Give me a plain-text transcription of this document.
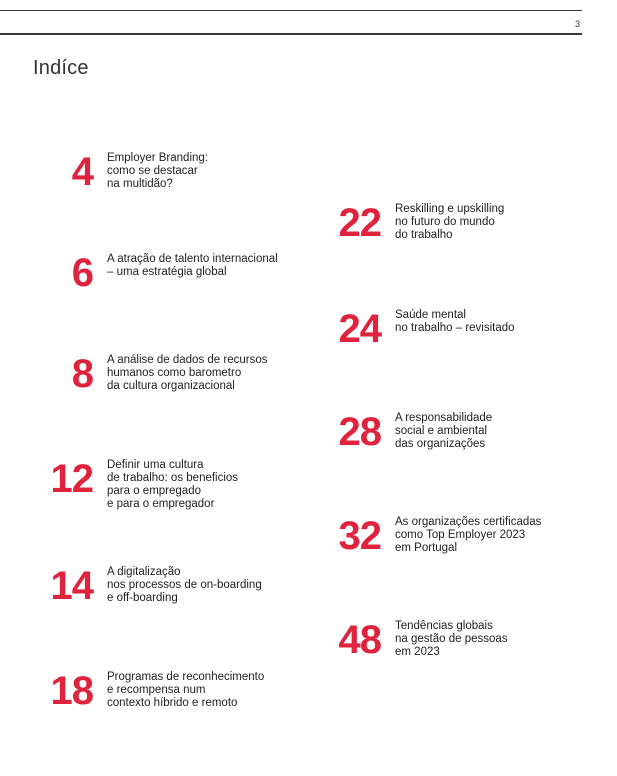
3
Indíce
4 Employer Branding:
como se destacar
na multidão?
6 A atração de talento internacional
– uma estratégia global
8 A análise de dados de recursos
humanos como barometro
da cultura organizacional
12 Definir uma cultura
de trabalho: os beneficios
para o empregado
e para o empregador
14 A digitalização
nos processos de on-boarding
e off-boarding
18 Programas de reconhecimento
e recompensa num
contexto híbrido e remoto
22 Reskilling e upskilling
no futuro do mundo
do trabalho
24 Saúde mental
no trabalho – revisitado
28 A responsabilidade
social e ambiental
das organizações
32 As organizações certificadas
como Top Employer 2023
em Portugal
48 Tendências globais
na gestão de pessoas
em 2023
